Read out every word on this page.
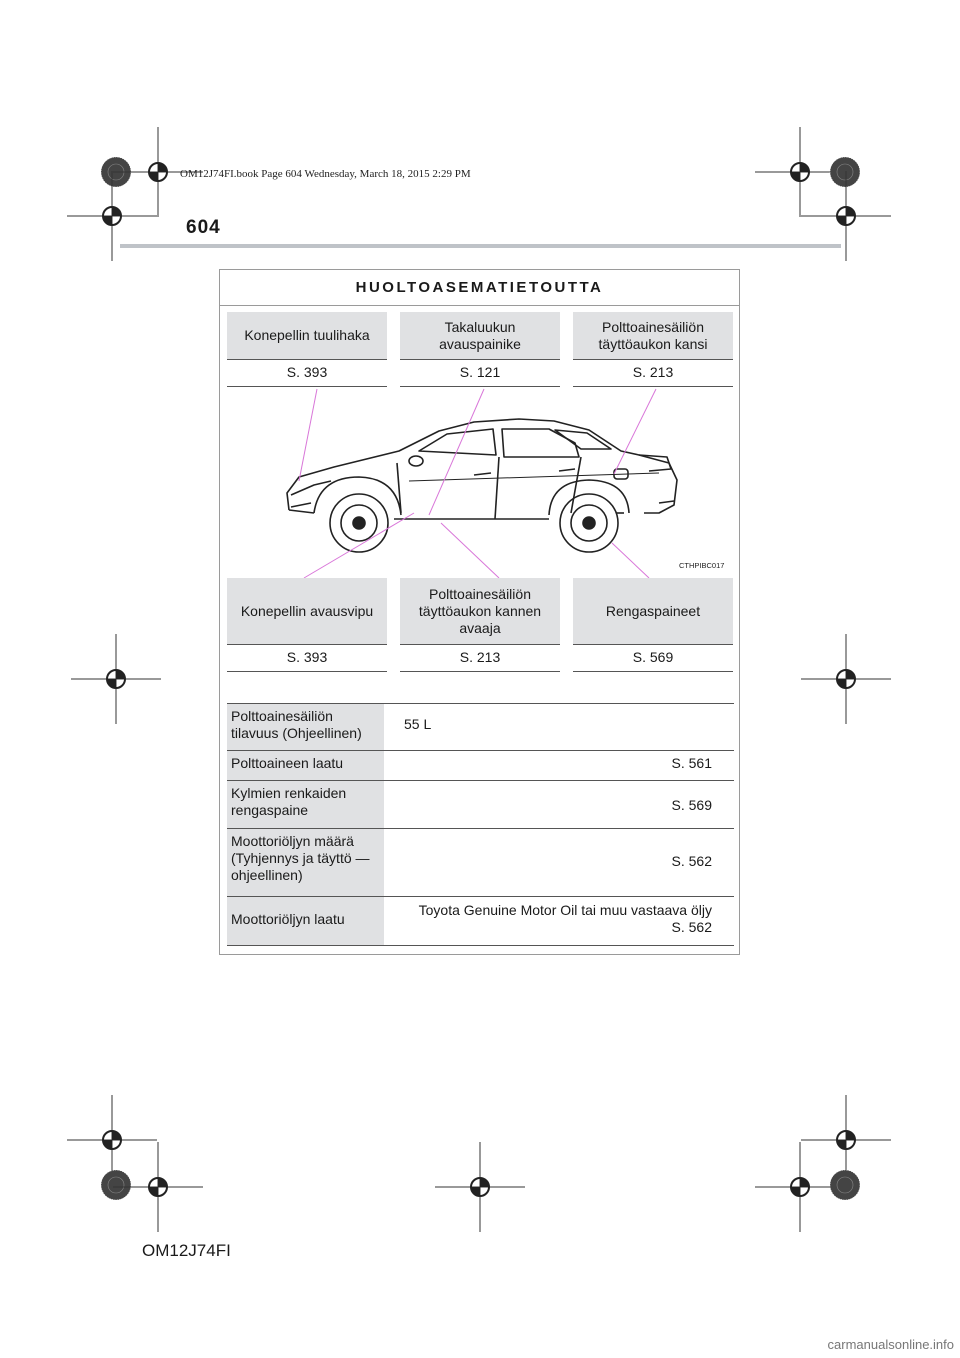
OM12J74FI.book Page 604 Wednesday, March 18, 2015 2:29 PM
604
HUOLTOASEMATIETOUTTA
Konepellin tuulihaka
S. 393
Takaluukun avauspainike
S. 121
Polttoainesäiliön täyttöaukon kansi
S. 213
CTHPIBC017
Konepellin avausvipu
S. 393
Polttoainesäiliön täyttöaukon kannen avaaja
S. 213
Rengaspaineet
S. 569
Polttoainesäiliön tilavuus (Ohjeellinen)
55 L
Polttoaineen laatu	S. 561
Kylmien renkaiden rengaspaine	S. 569
Moottoriöljyn määrä (Tyhjennys ja täyttö — ohjeellinen)
S. 562
Moottoriöljyn laatu
Toyota Genuine Motor Oil tai muu vastaava öljy
S. 562
OM12J74FI
carmanualsonline.info
